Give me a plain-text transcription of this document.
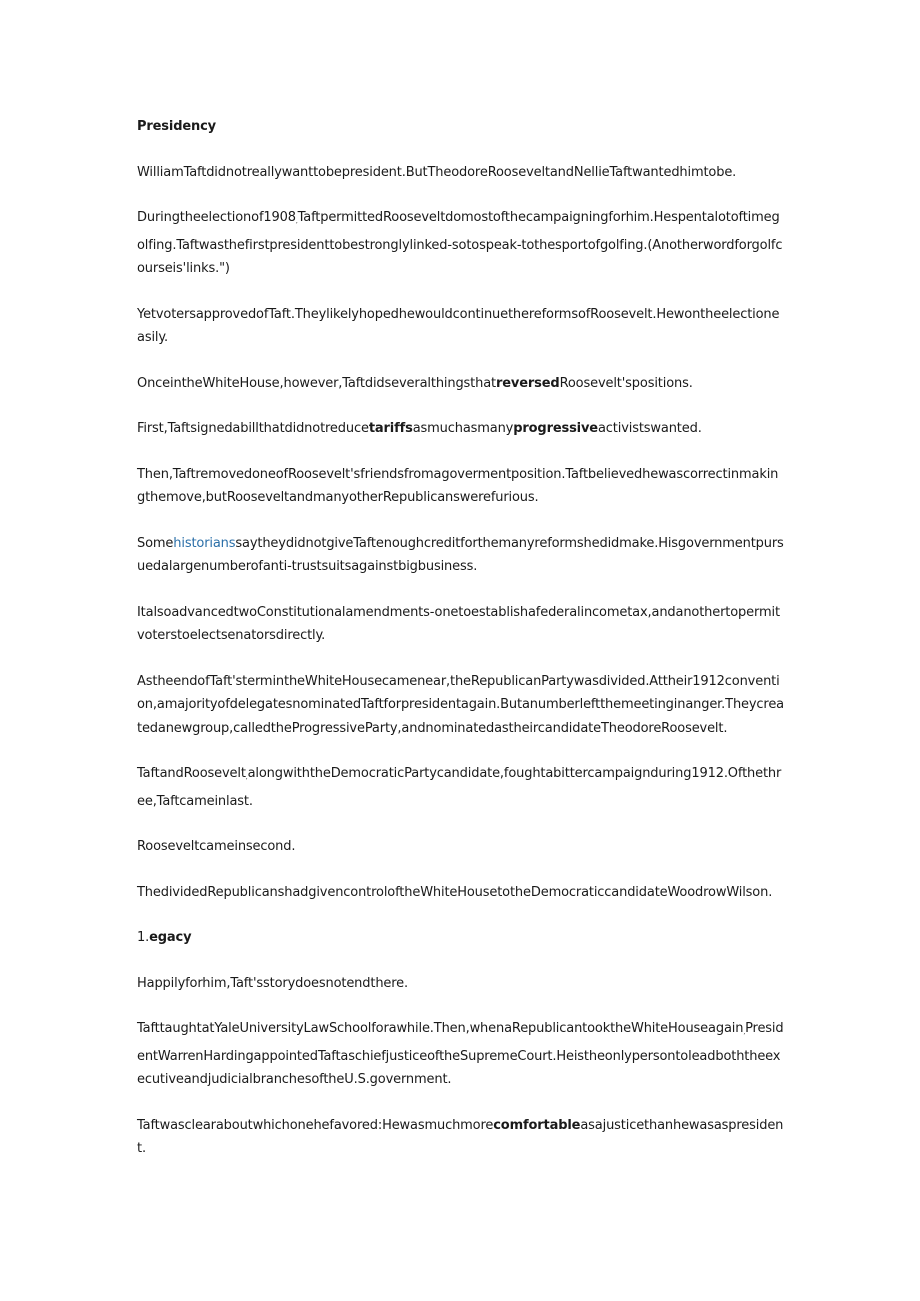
Presidency

WilliamTaftdidnotreallywanttobepresident.ButTheodoreRooseveltandNellieTaftwantedhimtobe.

$Duringtheelectionof1908_,TaftpermittedRooseveltdomostofthecampaigningforhim.Hespentalotoftimegolfing.Taftwasthefirstpresi$denttobestronglylinked-sotospeak-tothesportofgolfing.(Anotherwordforgolfcourseis'links.")

YetvotersapprovedofTaft.TheylikelyhopedhewouldcontinuethereformsofRoosevelt.Hewontheelectioneasily.

OnceintheWhiteHouse,however,TaftdidseveralthingsthatreversedRoosevelt'spositions.

First,Taftsignedabillthatdidnotreducetariffsasmuchasmanyprogressiveactivistswanted.

Then,TaftremovedoneofRoosevelt'sfriendsfromagovermentposition.Taftbelievedhewascorrectinmakingthemove,butRooseveltandmanyotherRepublicanswerefurious.

SomehistorianssaytheydidnotgiveTaftenoughcreditforthemanyreformshedidmake.Hisgovernmentpursuedalargenumberofanti-trustsuitsagainstbigbusiness.

ItalsoadvancedtwoConstitutionalamendments-onetoestablishafederalincometax,andanothertopermitvoterstoelectsenatorsdirectly.

AstheendofTaft'stermintheWhiteHousecamenear,theRepublicanPartywasdivided.Attheir1912convention,amajorityofdelegatesnominatedTaftforpresidentagain.Butanumberleftthemeetinginanger.Theycreatedanewgroup,calledtheProgressiveParty,andnominatedastheircandidateTheodoreRoosevelt.

TaftandRoosevelt$_,$alongwiththeDemocraticPartycandidate,foughtabittercampaignduring1912.Ofthethree,Taftcameinlast.

Rooseveltcameinsecond.

ThedividedRepublicanshadgivencontroloftheWhiteHousetotheDemocraticcandidateWoodrowWilson.

1.egacy

Happilyforhim,Taft'sstorydoesnotendthere.

TafttaughtatYaleUniversityLawSchoolforawhile.Then,whenaRepublicantooktheWhiteHouseagain$_,$PresidentWarrenHardingappointedTaftaschiefjusticeoftheSupremeCourt.HeistheonlypersontoleadboththeexecutiveandjudicialbranchesoftheU.S.government.

Taftwasclearaboutwhichonehefavored:Hewasmuchmorecomfortableasajusticethanhewasaspresident.
